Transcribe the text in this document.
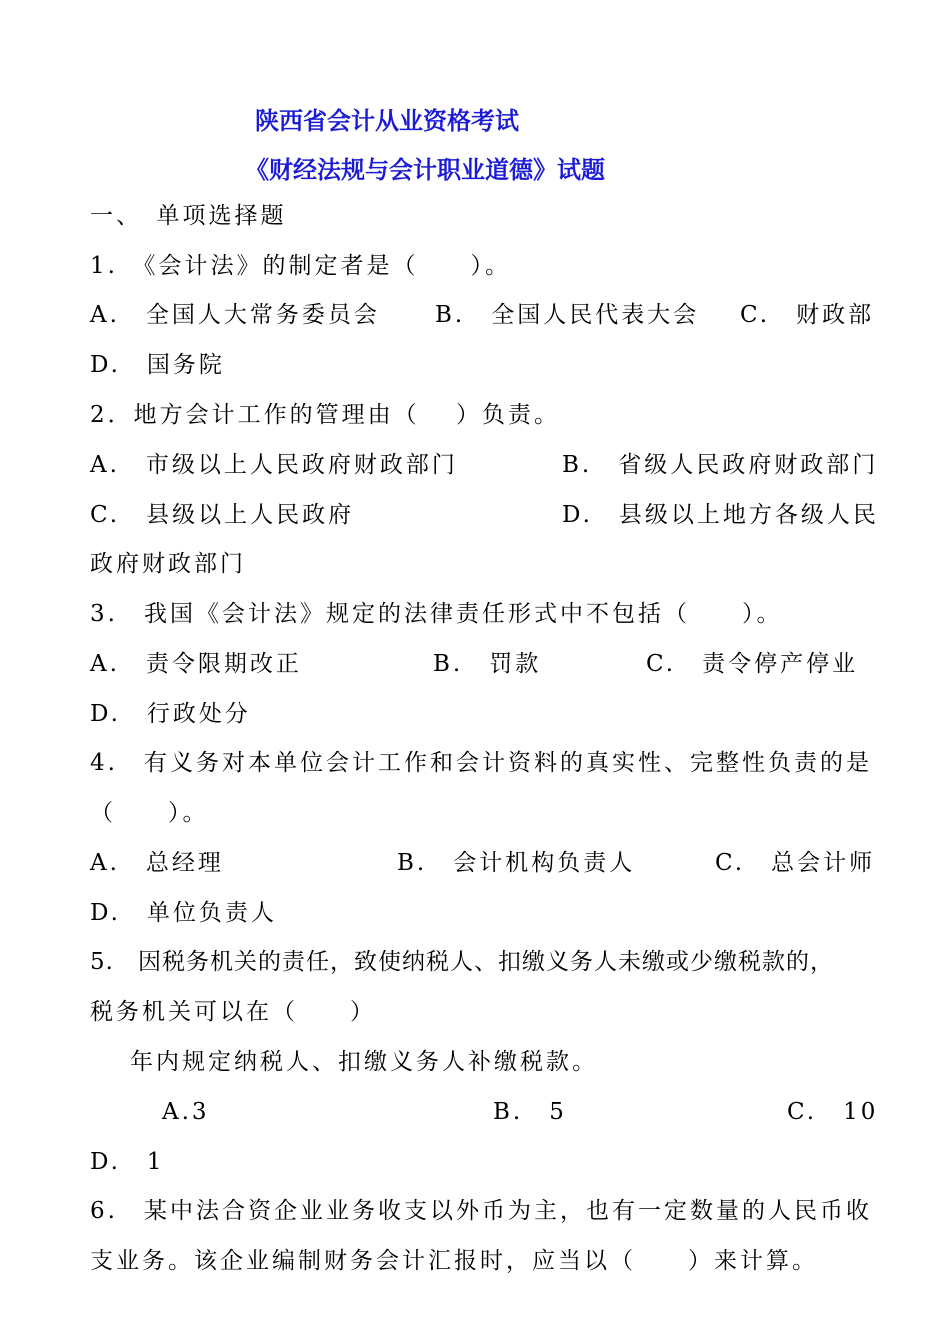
陕西省会计从业资格考试
《财经法规与会计职业道德》试题
一、　单项选择题
1.　《会计法》的制定者是（　　）。
A.　全国人大常务委员会 B.　全国人民代表大会 C.　财政部
D.　国务院
2．地方会计工作的管理由（　 ）负责。
A.　市级以上人民政府财政部门	B.　省级人民政府财政部门
C.　县级以上人民政府	D.　县级以上地方各级人民
政府财政部门
3.　我国《会计法》规定的法律责任形式中不包括（　　）。
A.　责令限期改正	B.　罚款	C.　责令停产停业
D.　行政处分
4.　有义务对本单位会计工作和会计资料的真实性、完整性负责的是
（　　）。
A.　总经理	B.　会计机构负责人	C.　总会计师
D.　单位负责人
5.　因税务机关的责任，致使纳税人、扣缴义务人未缴或少缴税款的，
税务机关可以在（　　）
年内规定纳税人、扣缴义务人补缴税款。
A.3	B.　5	C.　10
D.　1
6.　某中法合资企业业务收支以外币为主，也有一定数量的人民币收
支业务。该企业编制财务会计汇报时，应当以（　　）来计算。
